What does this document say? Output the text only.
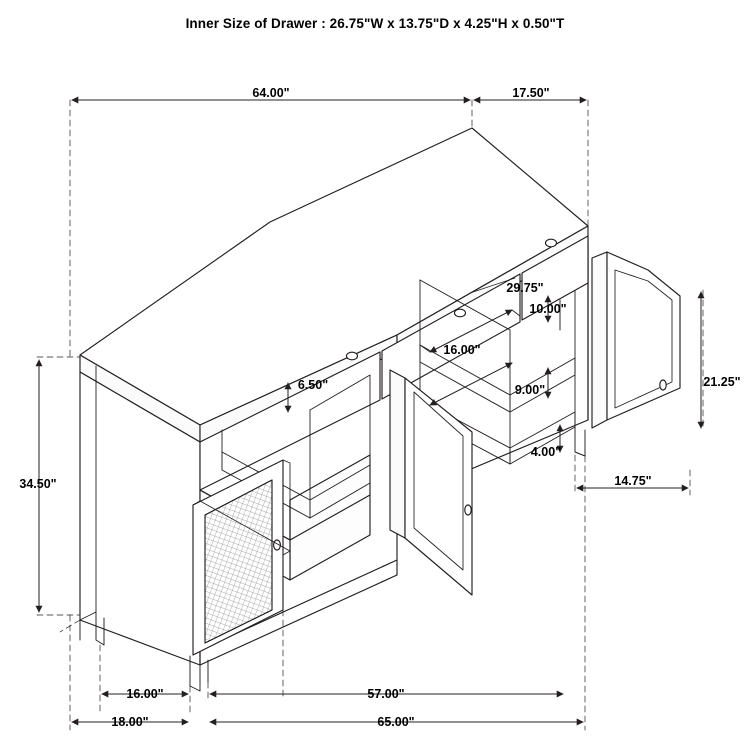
Inner Size of Drawer : 26.75"W x 13.75"D x 4.25"H x 0.50"T
64.00"	17.50"
34.50"
21.25"
29.75"
10.00"
16.00"
9.00"
4.00"
14.75"
6.50"
16.00"	57.00"
18.00"	65.00"
